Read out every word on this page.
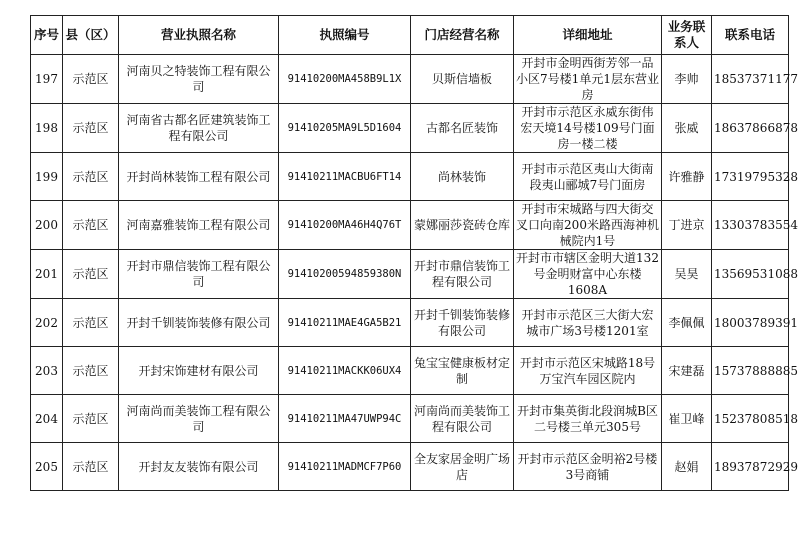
序号	县（区）	营业执照名称	执照编号	门店经营名称	详细地址	业务联系人	联系电话
197	示范区	河南贝之特装饰工程有限公司	91410200MA458B9L1X	贝斯信墙板	开封市金明西街芳邻一品小区7号楼1单元1层东营业房	李帅	18537371177
198	示范区	河南省古都名匠建筑装饰工程有限公司	91410205MA9L5D1604	古都名匠装饰	开封市示范区永威东街伟宏天境14号楼109号门面房一楼二楼	张威	18637866878
199	示范区	开封尚林装饰工程有限公司	91410211MACBU6FT14	尚林装饰	开封市示范区夷山大街南段夷山郦城7号门面房	许雅静	17319795328
200	示范区	河南嘉雅装饰工程有限公司	91410200MA46H4Q76T	蒙娜丽莎瓷砖仓库	开封市宋城路与四大街交叉口向南200米路西海神机械院内1号	丁进京	13303783554
201	示范区	开封市鼎信装饰工程有限公司	91410200594859380N	开封市鼎信装饰工程有限公司	开封市市辖区金明大道132号金明财富中心东楼1608A	吴昊	13569531088
202	示范区	开封千钏装饰装修有限公司	91410211MAE4GA5B21	开封千钏装饰装修有限公司	开封市示范区三大街大宏城市广场3号楼1201室	李佩佩	18003789391
203	示范区	开封宋饰建材有限公司	91410211MACKK06UX4	兔宝宝健康板材定制	开封市示范区宋城路18号万宝汽车园区院内	宋建磊	15737888885
204	示范区	河南尚而美装饰工程有限公司	91410211MA47UWP94C	河南尚而美装饰工程有限公司	开封市集英街北段润城B区二号楼三单元305号	崔卫峰	15237808518
205	示范区	开封友友装饰有限公司	91410211MADMCF7P60	全友家居金明广场店	开封市示范区金明裕2号楼3号商铺	赵娟	18937872929
